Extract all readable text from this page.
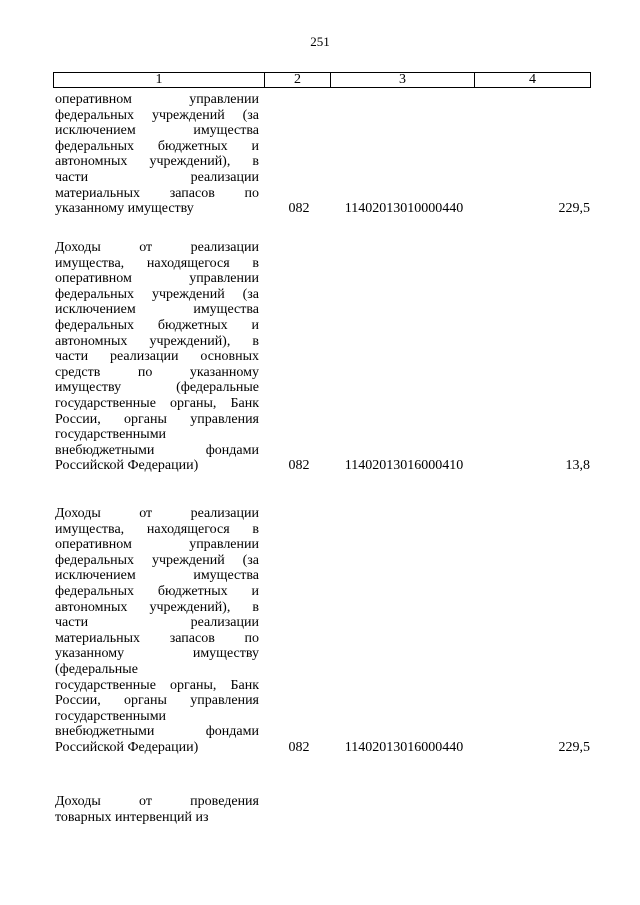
251
1	2	3	4
оперативном управлении
федеральных учреждений (за
исключением имущества
федеральных бюджетных и
автономных учреждений), в
части реализации
материальных запасов по
указанному имуществу	082	11402013010000440	229,5
Доходы от реализации
имущества, находящегося в
оперативном управлении
федеральных учреждений (за
исключением имущества
федеральных бюджетных и
автономных учреждений), в
части реализации основных
средств по указанному
имуществу (федеральные
государственные органы, Банк
России, органы управления
государственными
внебюджетными фондами
Российской Федерации)	082	11402013016000410	13,8
Доходы от реализации
имущества, находящегося в
оперативном управлении
федеральных учреждений (за
исключением имущества
федеральных бюджетных и
автономных учреждений), в
части реализации
материальных запасов по
указанному имуществу
(федеральные
государственные органы, Банк
России, органы управления
государственными
внебюджетными фондами
Российской Федерации)	082	11402013016000440	229,5
Доходы от проведения
товарных интервенций из
